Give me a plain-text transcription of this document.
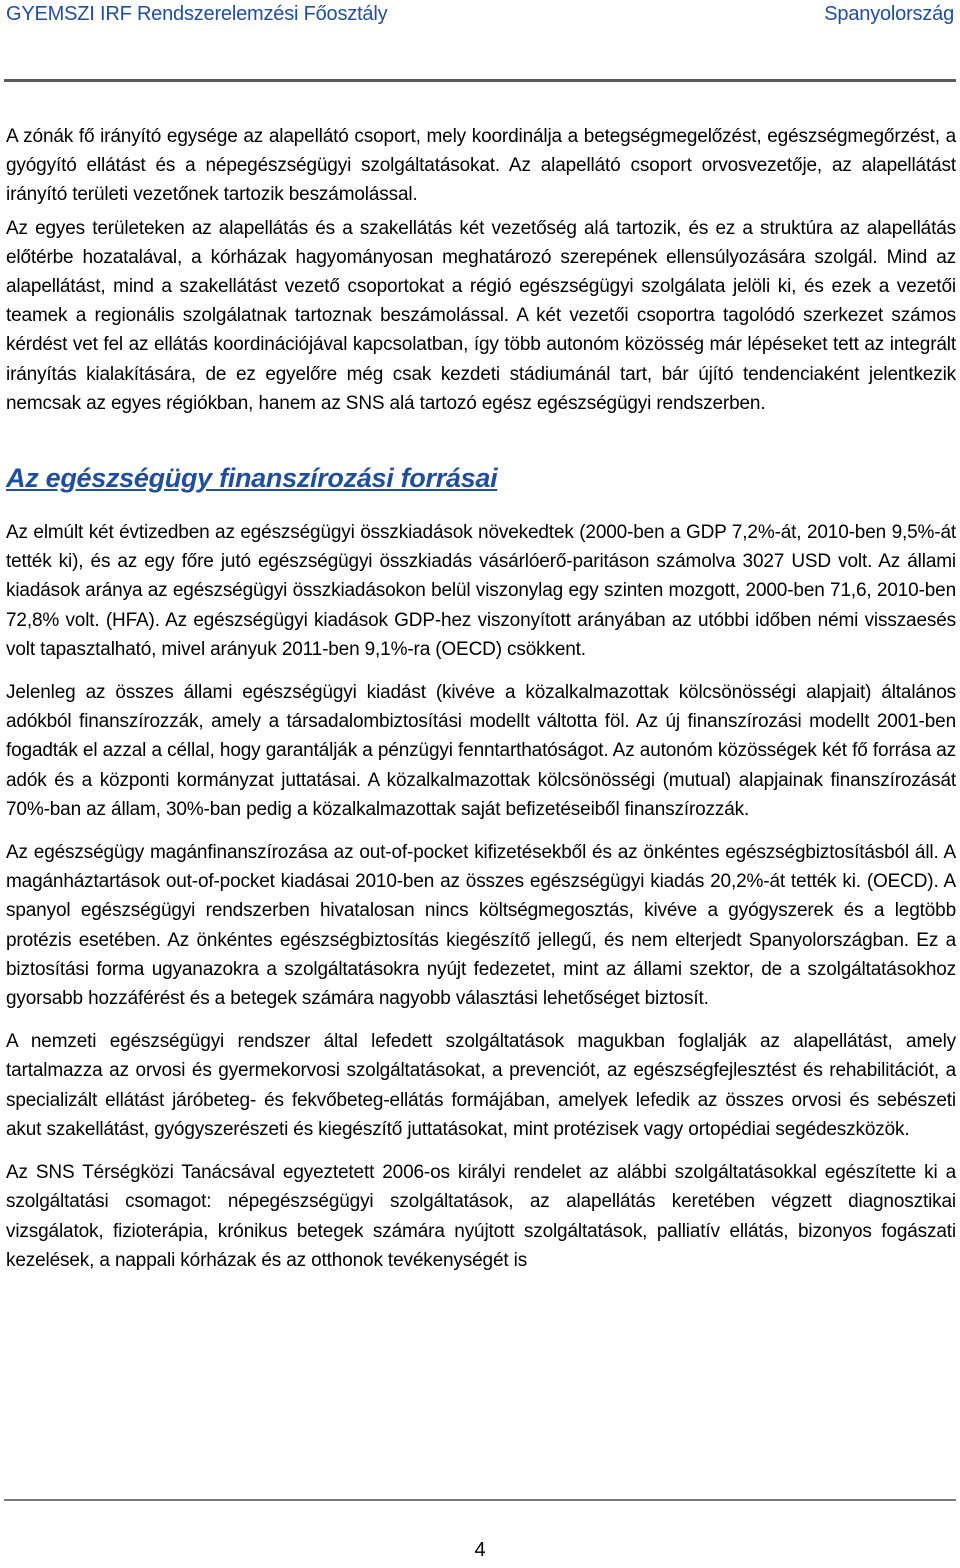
GYEMSZI IRF Rendszerelemzési Főosztály	Spanyolország

A zónák fő irányító egysége az alapellátó csoport, mely koordinálja a betegségmegelőzést, egészségmegőrzést, a gyógyító ellátást és a népegészségügyi szolgáltatásokat. Az alapellátó csoport orvosvezetője, az alapellátást irányító területi vezetőnek tartozik beszámolással.

Az egyes területeken az alapellátás és a szakellátás két vezetőség alá tartozik, és ez a struktúra az alapellátás előtérbe hozatalával, a kórházak hagyományosan meghatározó szerepének ellensúlyozására szolgál. Mind az alapellátást, mind a szakellátást vezető csoportokat a régió egészségügyi szolgálata jelöli ki, és ezek a vezetői teamek a regionális szolgálatnak tartoznak beszámolással. A két vezetői csoportra tagolódó szerkezet számos kérdést vet fel az ellátás koordinációjával kapcsolatban, így több autonóm közösség már lépéseket tett az integrált irányítás kialakítására, de ez egyelőre még csak kezdeti stádiumánál tart, bár újító tendenciaként jelentkezik nemcsak az egyes régiókban, hanem az SNS alá tartozó egész egészségügyi rendszerben.

Az egészségügy finanszírozási forrásai

Az elmúlt két évtizedben az egészségügyi összkiadások növekedtek (2000-ben a GDP 7,2%-át, 2010-ben 9,5%-át tették ki), és az egy főre jutó egészségügyi összkiadás vásárlóerő-paritáson számolva 3027 USD volt. Az állami kiadások aránya az egészségügyi összkiadásokon belül viszonylag egy szinten mozgott, 2000-ben 71,6, 2010-ben 72,8% volt. (HFA). Az egészségügyi kiadások GDP-hez viszonyított arányában az utóbbi időben némi visszaesés volt tapasztalható, mivel arányuk 2011-ben 9,1%-ra (OECD) csökkent.

Jelenleg az összes állami egészségügyi kiadást (kivéve a közalkalmazottak kölcsönösségi alapjait) általános adókból finanszírozzák, amely a társadalombiztosítási modellt váltotta föl. Az új finanszírozási modellt 2001-ben fogadták el azzal a céllal, hogy garantálják a pénzügyi fenntarthatóságot. Az autonóm közösségek két fő forrása az adók és a központi kormányzat juttatásai. A közalkalmazottak kölcsönösségi (mutual) alapjainak finanszírozását 70%-ban az állam, 30%-ban pedig a közalkalmazottak saját befizetéseiből finanszírozzák.

Az egészségügy magánfinanszírozása az out-of-pocket kifizetésekből és az önkéntes egészségbiztosításból áll. A magánháztartások out-of-pocket kiadásai 2010-ben az összes egészségügyi kiadás 20,2%-át tették ki. (OECD). A spanyol egészségügyi rendszerben hivatalosan nincs költségmegosztás, kivéve a gyógyszerek és a legtöbb protézis esetében. Az önkéntes egészségbiztosítás kiegészítő jellegű, és nem elterjedt Spanyolországban. Ez a biztosítási forma ugyanazokra a szolgáltatásokra nyújt fedezetet, mint az állami szektor, de a szolgáltatásokhoz gyorsabb hozzáférést és a betegek számára nagyobb választási lehetőséget biztosít.

A nemzeti egészségügyi rendszer által lefedett szolgáltatások magukban foglalják az alapellátást, amely tartalmazza az orvosi és gyermekorvosi szolgáltatásokat, a prevenciót, az egészségfejlesztést és rehabilitációt, a specializált ellátást járóbeteg- és fekvőbeteg-ellátás formájában, amelyek lefedik az összes orvosi és sebészeti akut szakellátást, gyógyszerészeti és kiegészítő juttatásokat, mint protézisek vagy ortopédiai segédeszközök.

Az SNS Térségközi Tanácsával egyeztetett 2006-os királyi rendelet az alábbi szolgáltatásokkal egészítette ki a szolgáltatási csomagot: népegészségügyi szolgáltatások, az alapellátás keretében végzett diagnosztikai vizsgálatok, fizioterápia, krónikus betegek számára nyújtott szolgáltatások, palliatív ellátás, bizonyos fogászati kezelések, a nappali kórházak és az otthonok tevékenységét is

4
